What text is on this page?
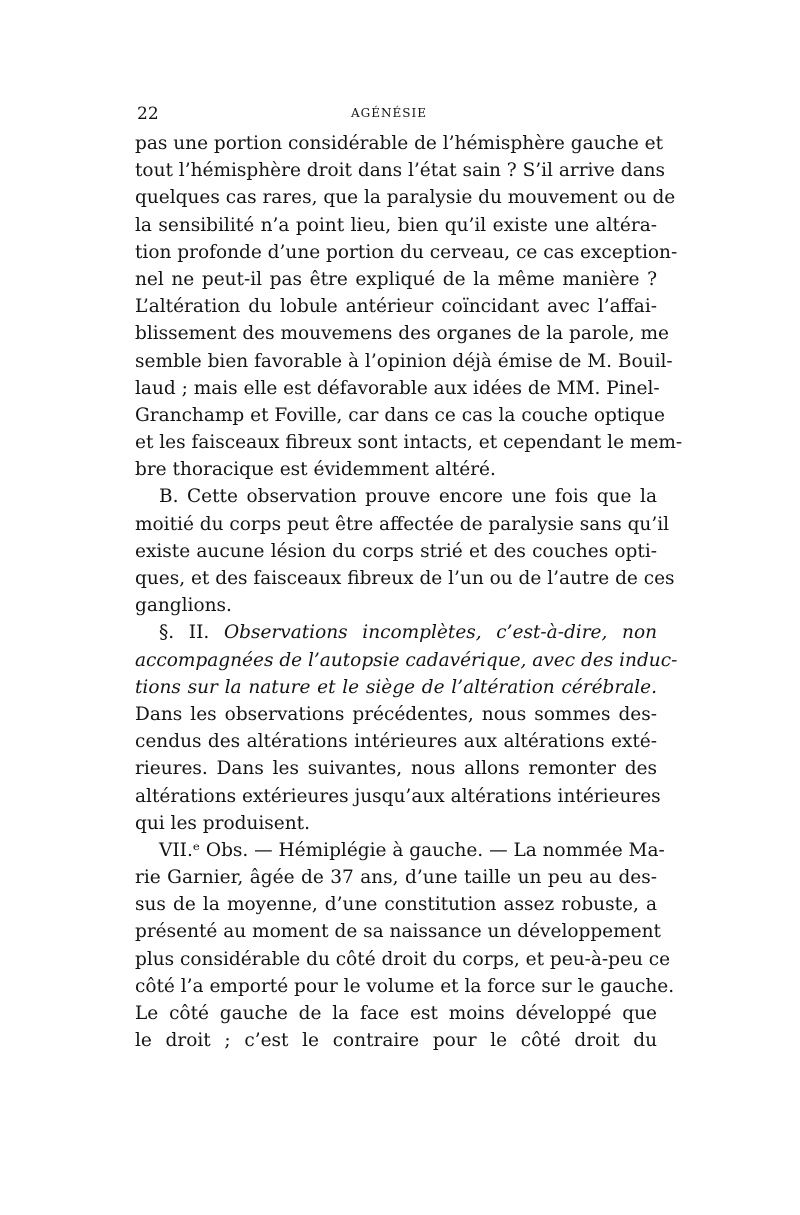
22	AGÉNÉSIE
pas une portion considérable de l’hémisphère gauche et
tout l’hémisphère droit dans l’état sain ? S’il arrive dans
quelques cas rares, que la paralysie du mouvement ou de
la sensibilité n’a point lieu, bien qu’il existe une altéra-
tion profonde d’une portion du cerveau, ce cas exception-
nel ne peut-il pas être expliqué de la même manière ?
L’altération du lobule antérieur coïncidant avec l’affai-
blissement des mouvemens des organes de la parole, me
semble bien favorable à l’opinion déjà émise de M. Bouil-
laud ; mais elle est défavorable aux idées de MM. Pinel-
Granchamp et Foville, car dans ce cas la couche optique
et les faisceaux fibreux sont intacts, et cependant le mem-
bre thoracique est évidemment altéré.
B. Cette observation prouve encore une fois que la
moitié du corps peut être affectée de paralysie sans qu’il
existe aucune lésion du corps strié et des couches opti-
ques, et des faisceaux fibreux de l’un ou de l’autre de ces
ganglions.
§. II. Observations incomplètes, c’est-à-dire, non
accompagnées de l’autopsie cadavérique, avec des induc-
tions sur la nature et le siège de l’altération cérébrale.
Dans les observations précédentes, nous sommes des-
cendus des altérations intérieures aux altérations exté-
rieures. Dans les suivantes, nous allons remonter des
altérations extérieures jusqu’aux altérations intérieures
qui les produisent.
VII.ᵉ Obs. — Hémiplégie à gauche. — La nommée Ma-
rie Garnier, âgée de 37 ans, d’une taille un peu au des-
sus de la moyenne, d’une constitution assez robuste, a
présenté au moment de sa naissance un développement
plus considérable du côté droit du corps, et peu-à-peu ce
côté l’a emporté pour le volume et la force sur le gauche.
Le côté gauche de la face est moins développé que
le droit ; c’est le contraire pour le côté droit du
